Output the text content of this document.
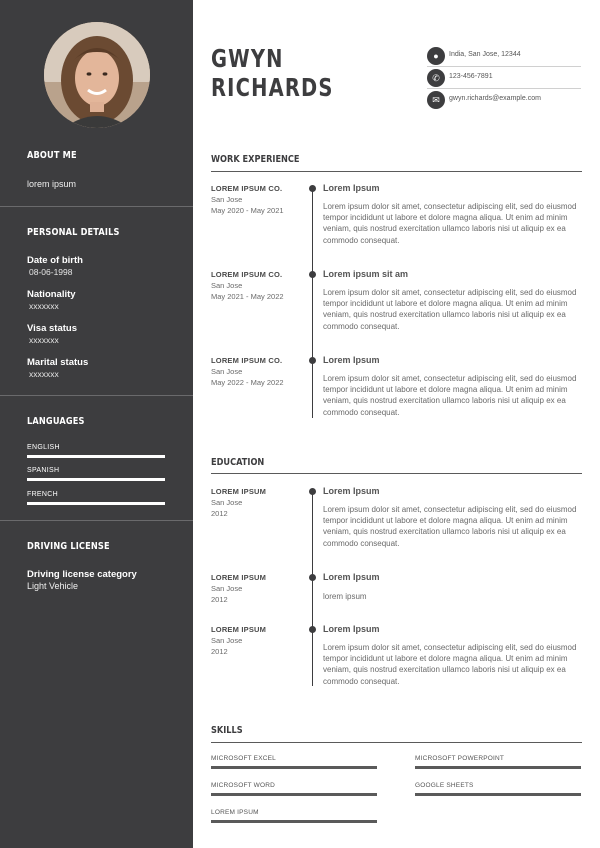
ABOUT ME
lorem ipsum
PERSONAL DETAILS
Date of birth
08-06-1998
Nationality
xxxxxxx
Visa status
xxxxxxx
Marital status
xxxxxxx
LANGUAGES
ENGLISH
SPANISH
FRENCH
DRIVING LICENSE
Driving license category
Light Vehicle
GWYN
RICHARDS
●	India, San Jose, 12344
✆	123-456-7891
✉	gwyn.richards@example.com
WORK EXPERIENCE
LOREM IPSUM CO.
San Jose
May 2020 - May 2021
Lorem Ipsum
Lorem ipsum dolor sit amet, consectetur adipiscing elit, sed do eiusmod tempor incididunt ut labore et dolore magna aliqua. Ut enim ad minim veniam, quis nostrud exercitation ullamco laboris nisi ut aliquip ex ea commodo consequat.
LOREM IPSUM CO.
San Jose
May 2021 - May 2022
Lorem ipsum sit am
Lorem ipsum dolor sit amet, consectetur adipiscing elit, sed do eiusmod tempor incididunt ut labore et dolore magna aliqua. Ut enim ad minim veniam, quis nostrud exercitation ullamco laboris nisi ut aliquip ex ea commodo consequat.
LOREM IPSUM CO.
San Jose
May 2022 - May 2022
Lorem Ipsum
Lorem ipsum dolor sit amet, consectetur adipiscing elit, sed do eiusmod tempor incididunt ut labore et dolore magna aliqua. Ut enim ad minim veniam, quis nostrud exercitation ullamco laboris nisi ut aliquip ex ea commodo consequat.
EDUCATION
LOREM IPSUM
San Jose
2012
Lorem Ipsum
Lorem ipsum dolor sit amet, consectetur adipiscing elit, sed do eiusmod tempor incididunt ut labore et dolore magna aliqua. Ut enim ad minim veniam, quis nostrud exercitation ullamco laboris nisi ut aliquip ex ea commodo consequat.
LOREM IPSUM
San Jose
2012
Lorem Ipsum
lorem ipsum
LOREM IPSUM
San Jose
2012
Lorem Ipsum
Lorem ipsum dolor sit amet, consectetur adipiscing elit, sed do eiusmod tempor incididunt ut labore et dolore magna aliqua. Ut enim ad minim veniam, quis nostrud exercitation ullamco laboris nisi ut aliquip ex ea commodo consequat.
SKILLS
MICROSOFT EXCEL	MICROSOFT POWERPOINT
MICROSOFT WORD	GOOGLE SHEETS
LOREM IPSUM
